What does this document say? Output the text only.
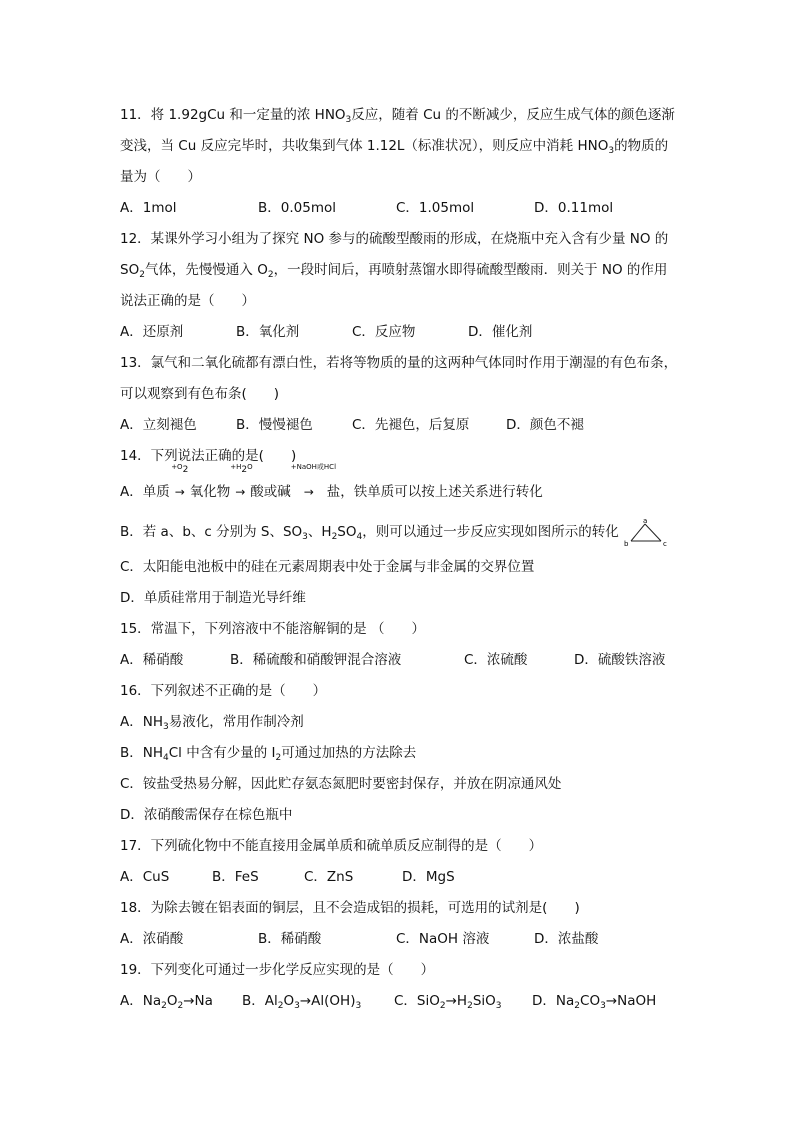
11．将 1.92gCu 和一定量的浓 $HNO_3$反应，随着 Cu 的不断减少，反应生成气体的颜色逐渐变浅，当 Cu 反应完毕时，共收集到气体 1.12L（标准状况），则反应中消耗 $HNO_3$的物质的量为（　　）

A．1mol	B．0.05mol	C．1.05mol	D．0.11mol

12．某课外学习小组为了探究 NO 参与的硫酸型酸雨的形成，在烧瓶中充入含有少量 NO 的 $SO_2$气体，先慢慢通入 $O_2$，一段时间后，再喷射蒸馏水即得硫酸型酸雨．则关于 NO 的作用说法正确的是（　　）

A．还原剂	B．氧化剂	C．反应物	D．催化剂

13．氯气和二氧化硫都有漂白性，若将等物质的量的这两种气体同时作用于潮湿的有色布条，可以观察到有色布条(　　)

A．立刻褪色	B．慢慢褪色	C．先褪色，后复原	D．颜色不褪
14．下列说法正确的是(　　)
A．单质
$+O_2$
→ 氧化物
$+H_2O$
→ 酸或碱
+NaOH或HCl
→ 盐，铁单质可以按上述关系进行转化
B．若 a、b、c 分别为 S、$SO_3$、$H_2SO_4$，则可以通过一步反应实现如图所示的转化
a
b	c
C．太阳能电池板中的硅在元素周期表中处于金属与非金属的交界位置
D．单质硅常用于制造光导纤维
15．常温下，下列溶液中不能溶解铜的是 （　　）
A．稀硝酸	B．稀硫酸和硝酸钾混合溶液	C．浓硫酸	D．硫酸铁溶液
16．下列叙述不正确的是（　　）
A．$NH_3$易液化，常用作制冷剂
B．$NH_4Cl$ 中含有少量的 $I_2$可通过加热的方法除去
C．铵盐受热易分解，因此贮存氨态氮肥时要密封保存，并放在阴凉通风处
D．浓硝酸需保存在棕色瓶中
17．下列硫化物中不能直接用金属单质和硫单质反应制得的是（　　）
A．CuS	B．FeS	C．ZnS	D．MgS
18．为除去镀在铝表面的铜层，且不会造成铝的损耗，可选用的试剂是(　　)
A．浓硝酸	B．稀硝酸	C．NaOH 溶液	D．浓盐酸
19．下列变化可通过一步化学反应实现的是（　　）
A．$Na_2O_2\to Na$	B．$Al_2O_3\to Al(OH)_3$	C．$SiO_2\to H_2SiO_3$	D．$Na_2CO_3\to NaOH$
